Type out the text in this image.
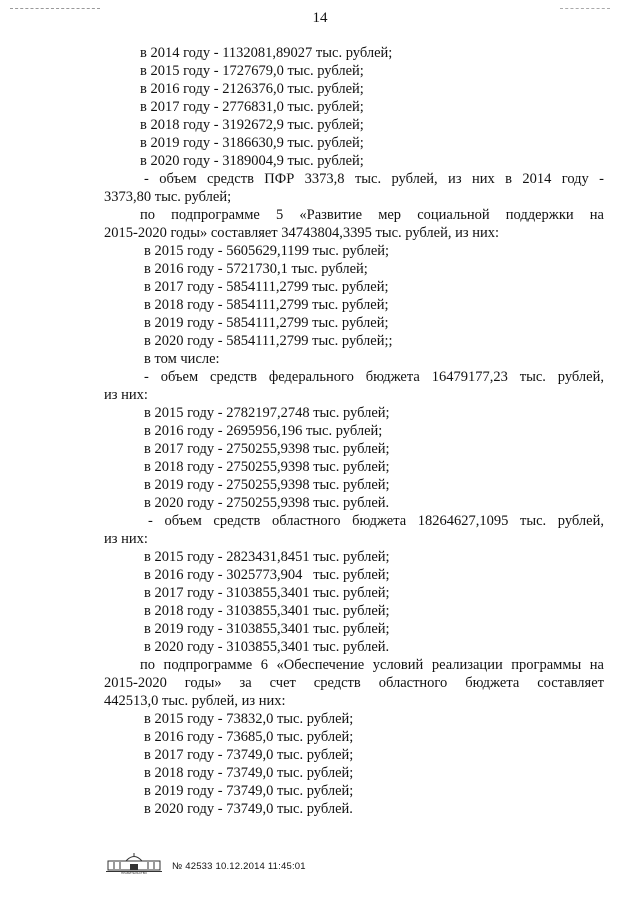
14
в 2014 году - 1132081,89027 тыс. рублей;
в 2015 году - 1727679,0 тыс. рублей;
в 2016 году - 2126376,0 тыс. рублей;
в 2017 году - 2776831,0 тыс. рублей;
в 2018 году - 3192672,9 тыс. рублей;
в 2019 году - 3186630,9 тыс. рублей;
в 2020 году - 3189004,9 тыс. рублей;
- объем средств ПФР 3373,8 тыс. рублей, из них в 2014 году -
3373,80 тыс. рублей;
по подпрограмме 5 «Развитие мер социальной поддержки на
2015-2020 годы» составляет 34743804,3395 тыс. рублей, из них:
в 2015 году - 5605629,1199 тыс. рублей;
в 2016 году - 5721730,1 тыс. рублей;
в 2017 году - 5854111,2799 тыс. рублей;
в 2018 году - 5854111,2799 тыс. рублей;
в 2019 году - 5854111,2799 тыс. рублей;
в 2020 году - 5854111,2799 тыс. рублей;;
в том числе:
- объем средств федерального бюджета 16479177,23 тыс. рублей,
из них:
в 2015 году - 2782197,2748 тыс. рублей;
в 2016 году - 2695956,196 тыс. рублей;
в 2017 году - 2750255,9398 тыс. рублей;
в 2018 году - 2750255,9398 тыс. рублей;
в 2019 году - 2750255,9398 тыс. рублей;
в 2020 году - 2750255,9398 тыс. рублей.
- объем средств областного бюджета 18264627,1095 тыс. рублей,
из них:
в 2015 году - 2823431,8451 тыс. рублей;
в 2016 году - 3025773,904   тыс. рублей;
в 2017 году - 3103855,3401 тыс. рублей;
в 2018 году - 3103855,3401 тыс. рублей;
в 2019 году - 3103855,3401 тыс. рублей;
в 2020 году - 3103855,3401 тыс. рублей.
по подпрограмме 6 «Обеспечение условий реализации программы на
2015-2020 годы» за счет средств областного бюджета составляет
442513,0 тыс. рублей, из них:
в 2015 году - 73832,0 тыс. рублей;
в 2016 году - 73685,0 тыс. рублей;
в 2017 году - 73749,0 тыс. рублей;
в 2018 году - 73749,0 тыс. рублей;
в 2019 году - 73749,0 тыс. рублей;
в 2020 году - 73749,0 тыс. рублей.
ПРАВИТЕЛЬСТВО
№ 42533 10.12.2014 11:45:01
